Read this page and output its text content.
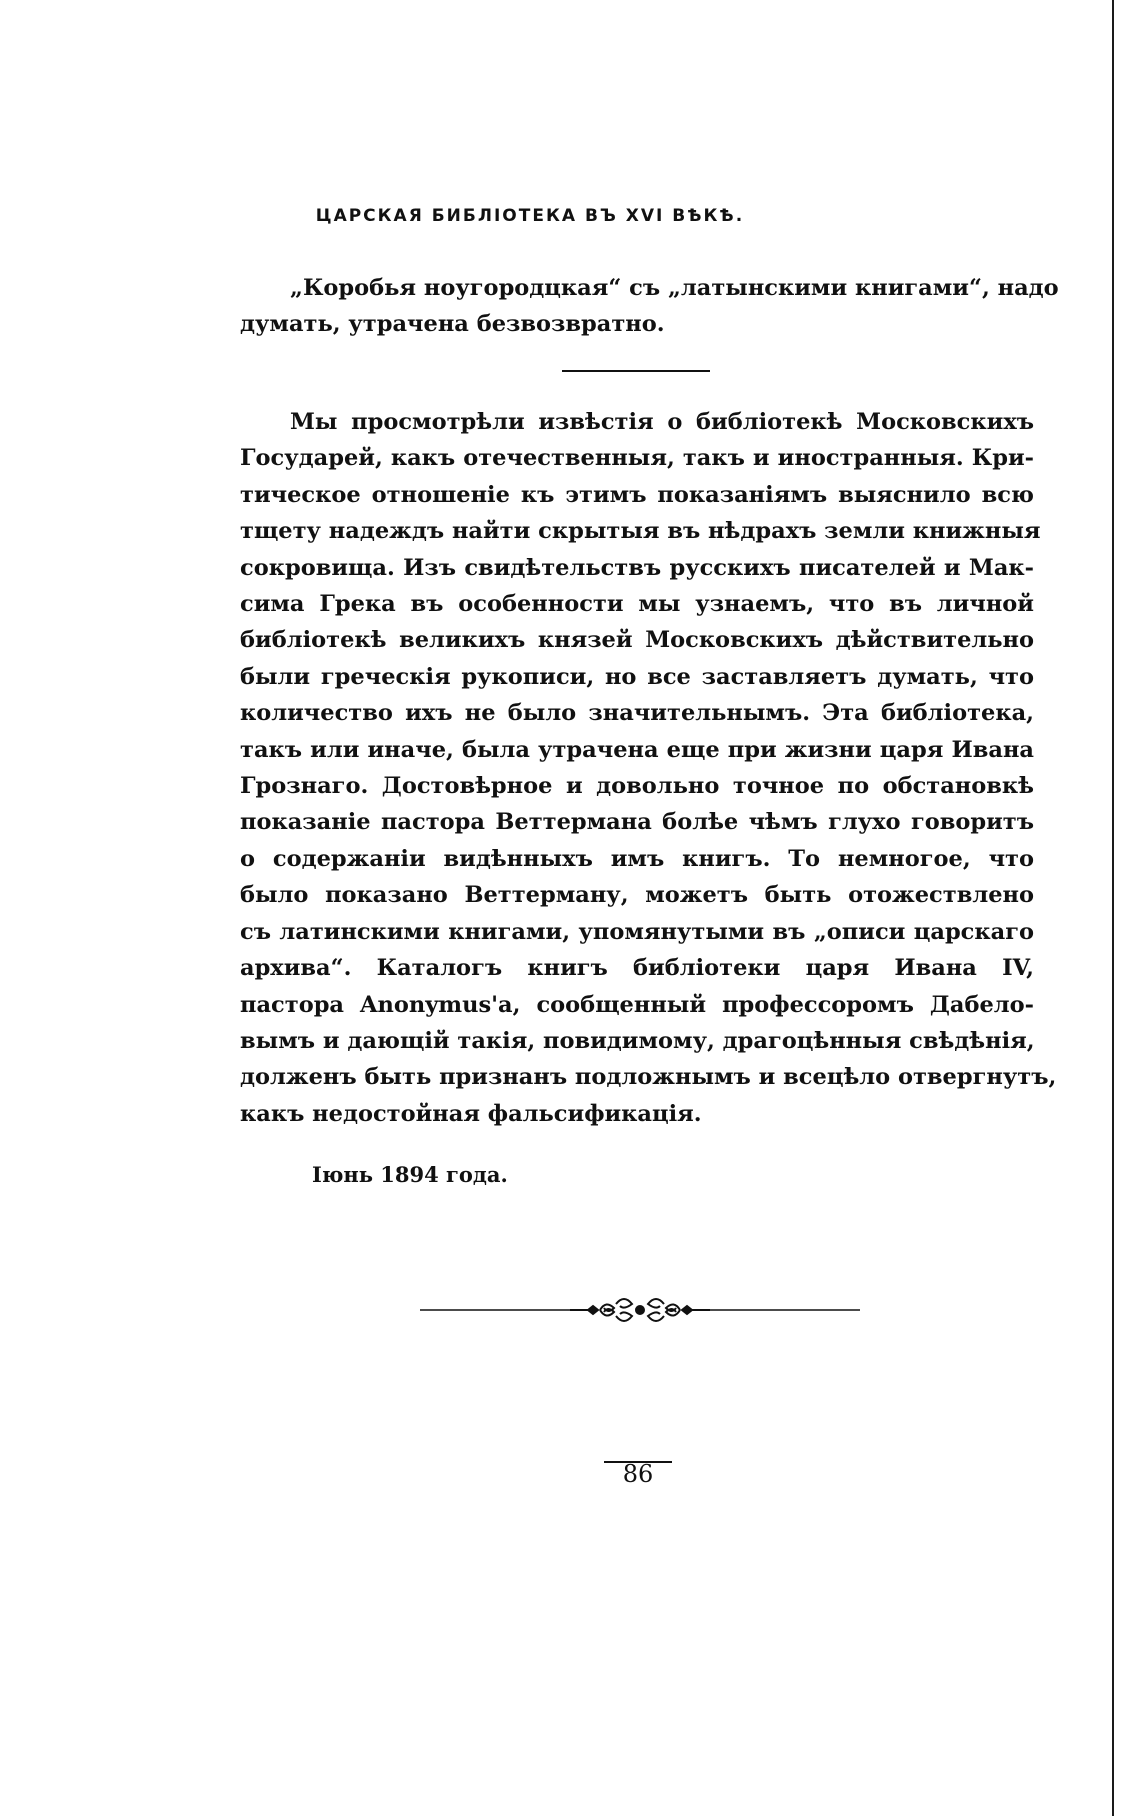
ЦАРСКАЯ БИБЛІОТЕКА ВЪ XVI ВѢКѢ.
„Коробья ноугородцкая“ съ „латынскими книгами“, надо
думать, утрачена безвозвратно.
Мы просмотрѣли извѣстія о библіотекѣ Московскихъ
Государей, какъ отечественныя, такъ и иностранныя. Кри-
тическое отношеніе къ этимъ показаніямъ выяснило всю
тщету надеждъ найти скрытыя въ нѣдрахъ земли книжныя
сокровища. Изъ свидѣтельствъ русскихъ писателей и Мак-
сима Грека въ особенности мы узнаемъ, что въ личной
библіотекѣ великихъ князей Московскихъ дѣйствительно
были греческія рукописи, но все заставляетъ думать, что
количество ихъ не было значительнымъ. Эта библіотека,
такъ или иначе, была утрачена еще при жизни царя Ивана
Грознаго. Достовѣрное и довольно точное по обстановкѣ
показаніе пастора Веттермана болѣе чѣмъ глухо говоритъ
о содержаніи видѣнныхъ имъ книгъ. То немногое, что
было показано Веттерману, можетъ быть отожествлено
съ латинскими книгами, упомянутыми въ „описи царскаго
архива“. Каталогъ книгъ библіотеки царя Ивана IV,
пастора Anonymus'а, сообщенный профессоромъ Дабело-
вымъ и дающій такія, повидимому, драгоцѣнныя свѣдѣнія,
долженъ быть признанъ подложнымъ и всецѣло отвергнутъ,
какъ недостойная фальсификація.
Іюнь 1894 года.
86
